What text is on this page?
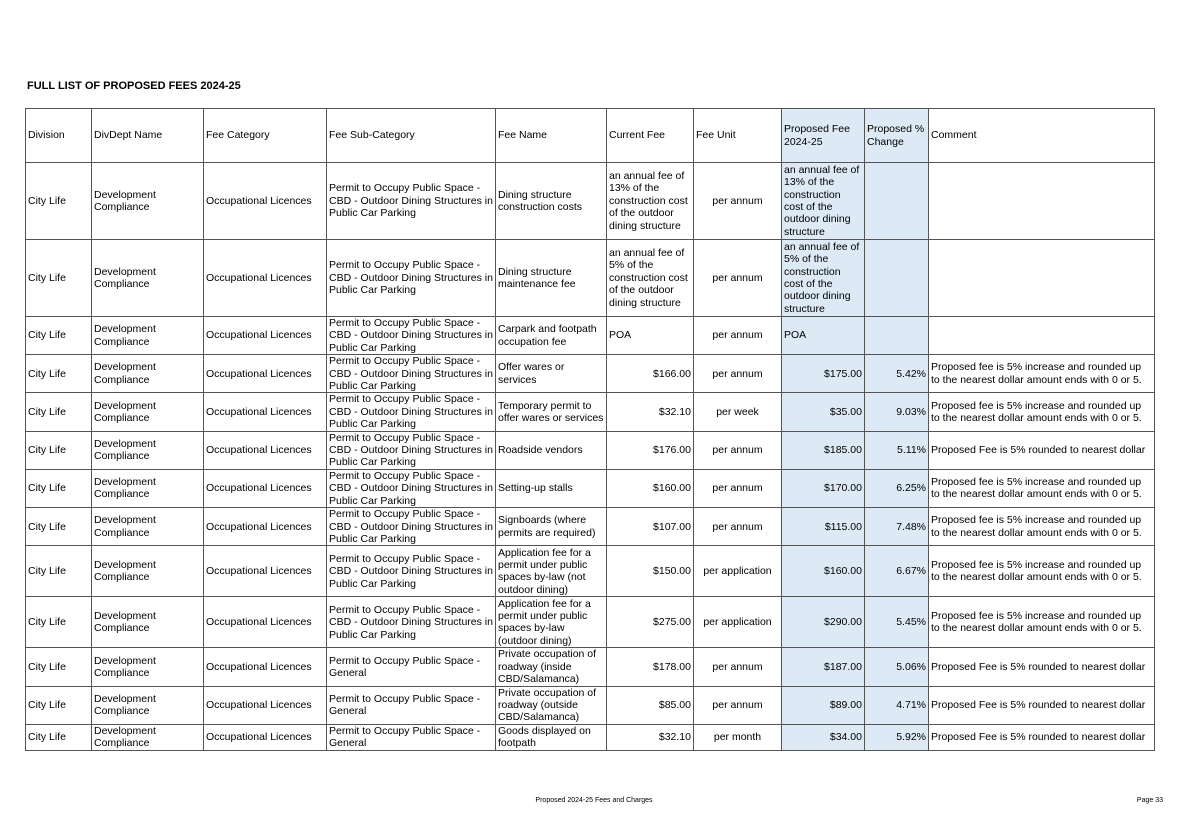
FULL LIST OF PROPOSED FEES 2024-25
Division	DivDept Name	Fee Category	Fee Sub-Category	Fee Name	Current Fee	Fee Unit	Proposed Fee 2024-25	Proposed % Change	Comment
City Life	Development Compliance	Occupational Licences	Permit to Occupy Public Space - CBD - Outdoor Dining Structures in Public Car Parking	Dining structure construction costs	an annual fee of 13% of the construction cost of the outdoor dining structure	per annum	an annual fee of 13% of the construction cost of the outdoor dining structure		
City Life	Development Compliance	Occupational Licences	Permit to Occupy Public Space - CBD - Outdoor Dining Structures in Public Car Parking	Dining structure maintenance fee	an annual fee of 5% of the construction cost of the outdoor dining structure	per annum	an annual fee of 5% of the construction cost of the outdoor dining structure		
City Life	Development Compliance	Occupational Licences	Permit to Occupy Public Space - CBD - Outdoor Dining Structures in Public Car Parking	Carpark and footpath occupation fee	POA	per annum	POA		
City Life	Development Compliance	Occupational Licences	Permit to Occupy Public Space - CBD - Outdoor Dining Structures in Public Car Parking	Offer wares or services	$166.00	per annum	$175.00	5.42%	Proposed fee is 5% increase and rounded up to the nearest dollar amount ends with 0 or 5.
City Life	Development Compliance	Occupational Licences	Permit to Occupy Public Space - CBD - Outdoor Dining Structures in Public Car Parking	Temporary permit to offer wares or services	$32.10	per week	$35.00	9.03%	Proposed fee is 5% increase and rounded up to the nearest dollar amount ends with 0 or 5.
City Life	Development Compliance	Occupational Licences	Permit to Occupy Public Space - CBD - Outdoor Dining Structures in Public Car Parking	Roadside vendors	$176.00	per annum	$185.00	5.11%	Proposed Fee is 5% rounded to nearest dollar
City Life	Development Compliance	Occupational Licences	Permit to Occupy Public Space - CBD - Outdoor Dining Structures in Public Car Parking	Setting-up stalls	$160.00	per annum	$170.00	6.25%	Proposed fee is 5% increase and rounded up to the nearest dollar amount ends with 0 or 5.
City Life	Development Compliance	Occupational Licences	Permit to Occupy Public Space - CBD - Outdoor Dining Structures in Public Car Parking	Signboards (where permits are required)	$107.00	per annum	$115.00	7.48%	Proposed fee is 5% increase and rounded up to the nearest dollar amount ends with 0 or 5.
City Life	Development Compliance	Occupational Licences	Permit to Occupy Public Space - CBD - Outdoor Dining Structures in Public Car Parking	Application fee for a permit under public spaces by-law (not outdoor dining)	$150.00	per application	$160.00	6.67%	Proposed fee is 5% increase and rounded up to the nearest dollar amount ends with 0 or 5.
City Life	Development Compliance	Occupational Licences	Permit to Occupy Public Space - CBD - Outdoor Dining Structures in Public Car Parking	Application fee for a permit under public spaces by-law (outdoor dining)	$275.00	per application	$290.00	5.45%	Proposed fee is 5% increase and rounded up to the nearest dollar amount ends with 0 or 5.
City Life	Development Compliance	Occupational Licences	Permit to Occupy Public Space - General	Private occupation of roadway (inside CBD/Salamanca)	$178.00	per annum	$187.00	5.06%	Proposed Fee is 5% rounded to nearest dollar
City Life	Development Compliance	Occupational Licences	Permit to Occupy Public Space - General	Private occupation of roadway (outside CBD/Salamanca)	$85.00	per annum	$89.00	4.71%	Proposed Fee is 5% rounded to nearest dollar
City Life	Development Compliance	Occupational Licences	Permit to Occupy Public Space - General	Goods displayed on footpath	$32.10	per month	$34.00	5.92%	Proposed Fee is 5% rounded to nearest dollar
Proposed 2024-25 Fees and Charges	Page 33
